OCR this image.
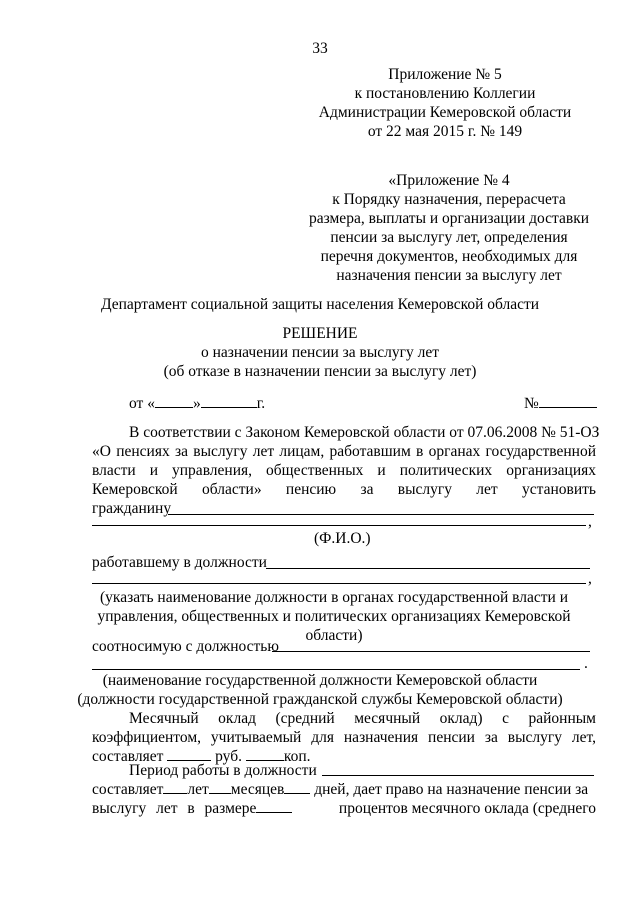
33
Приложение № 5
к постановлению Коллегии
Администрации Кемеровской области
от 22 мая 2015 г. № 149
«Приложение № 4
к Порядку назначения, перерасчета
размера, выплаты и организации доставки
пенсии за выслугу лет, определения
перечня документов, необходимых для
назначения пенсии за выслугу лет
Департамент социальной защиты населения Кемеровской области
РЕШЕНИЕ
о назначении пенсии за выслугу лет
(об отказе в назначении пенсии за выслугу лет)
от « »	г.	№
В соответствии с Законом Кемеровской области от 07.06.2008 № 51-ОЗ
«О пенсиях за выслугу лет лицам, работавшим в органах государственной
власти и управления, общественных и политических организациях
Кемеровской области» пенсию за выслугу лет установить
гражданину
,
(Ф.И.О.)
работавшему в должности
,
(указать наименование должности в органах государственной власти и
управления, общественных и политических организациях Кемеровской
области)
соотносимую с должностью
.
(наименование государственной должности Кемеровской области
(должности государственной гражданской службы Кемеровской области)
Месячный оклад (средний месячный оклад) с районным
коэффициентом, учитываемый для назначения пенсии за выслугу лет,
составляет	руб.	коп.
Период работы в должности
составляет лет месяцев дней, дает право на назначение пенсии за
выслугу лет в размере	процентов месячного оклада (среднего
